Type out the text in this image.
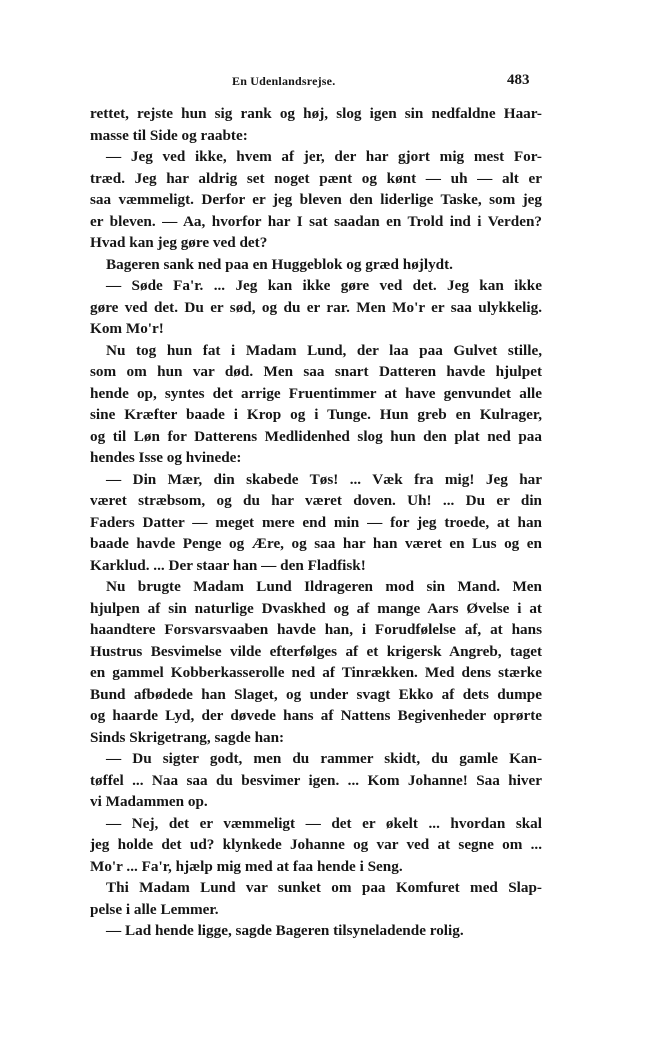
En Udenlandsrejse.	483
rettet, rejste hun sig rank og høj, slog igen sin nedfaldne Haar-
masse til Side og raabte:
— Jeg ved ikke, hvem af jer, der har gjort mig mest For-
træd. Jeg har aldrig set noget pænt og kønt — uh — alt er
saa væmmeligt. Derfor er jeg bleven den liderlige Taske, som jeg
er bleven. — Aa, hvorfor har I sat saadan en Trold ind i Verden?
Hvad kan jeg gøre ved det?
Bageren sank ned paa en Huggeblok og græd højlydt.
— Søde Fa'r. ... Jeg kan ikke gøre ved det. Jeg kan ikke
gøre ved det. Du er sød, og du er rar. Men Mo'r er saa ulykkelig.
Kom Mo'r!
Nu tog hun fat i Madam Lund, der laa paa Gulvet stille,
som om hun var død. Men saa snart Datteren havde hjulpet
hende op, syntes det arrige Fruentimmer at have genvundet alle
sine Kræfter baade i Krop og i Tunge. Hun greb en Kulrager,
og til Løn for Datterens Medlidenhed slog hun den plat ned paa
hendes Isse og hvinede:
— Din Mær, din skabede Tøs! ... Væk fra mig! Jeg har
været stræbsom, og du har været doven. Uh! ... Du er din
Faders Datter — meget mere end min — for jeg troede, at han
baade havde Penge og Ære, og saa har han været en Lus og en
Karklud. ... Der staar han — den Fladfisk!
Nu brugte Madam Lund Ildrageren mod sin Mand. Men
hjulpen af sin naturlige Dvaskhed og af mange Aars Øvelse i at
haandtere Forsvarsvaaben havde han, i Forudfølelse af, at hans
Hustrus Besvimelse vilde efterfølges af et krigersk Angreb, taget
en gammel Kobberkasserolle ned af Tinrækken. Med dens stærke
Bund afbødede han Slaget, og under svagt Ekko af dets dumpe
og haarde Lyd, der døvede hans af Nattens Begivenheder oprørte
Sinds Skrigetrang, sagde han:
— Du sigter godt, men du rammer skidt, du gamle Kan-
tøffel ... Naa saa du besvimer igen. ... Kom Johanne! Saa hiver
vi Madammen op.
— Nej, det er væmmeligt — det er økelt ... hvordan skal
jeg holde det ud? klynkede Johanne og var ved at segne om ...
Mo'r ... Fa'r, hjælp mig med at faa hende i Seng.
Thi Madam Lund var sunket om paa Komfuret med Slap-
pelse i alle Lemmer.
— Lad hende ligge, sagde Bageren tilsyneladende rolig.
